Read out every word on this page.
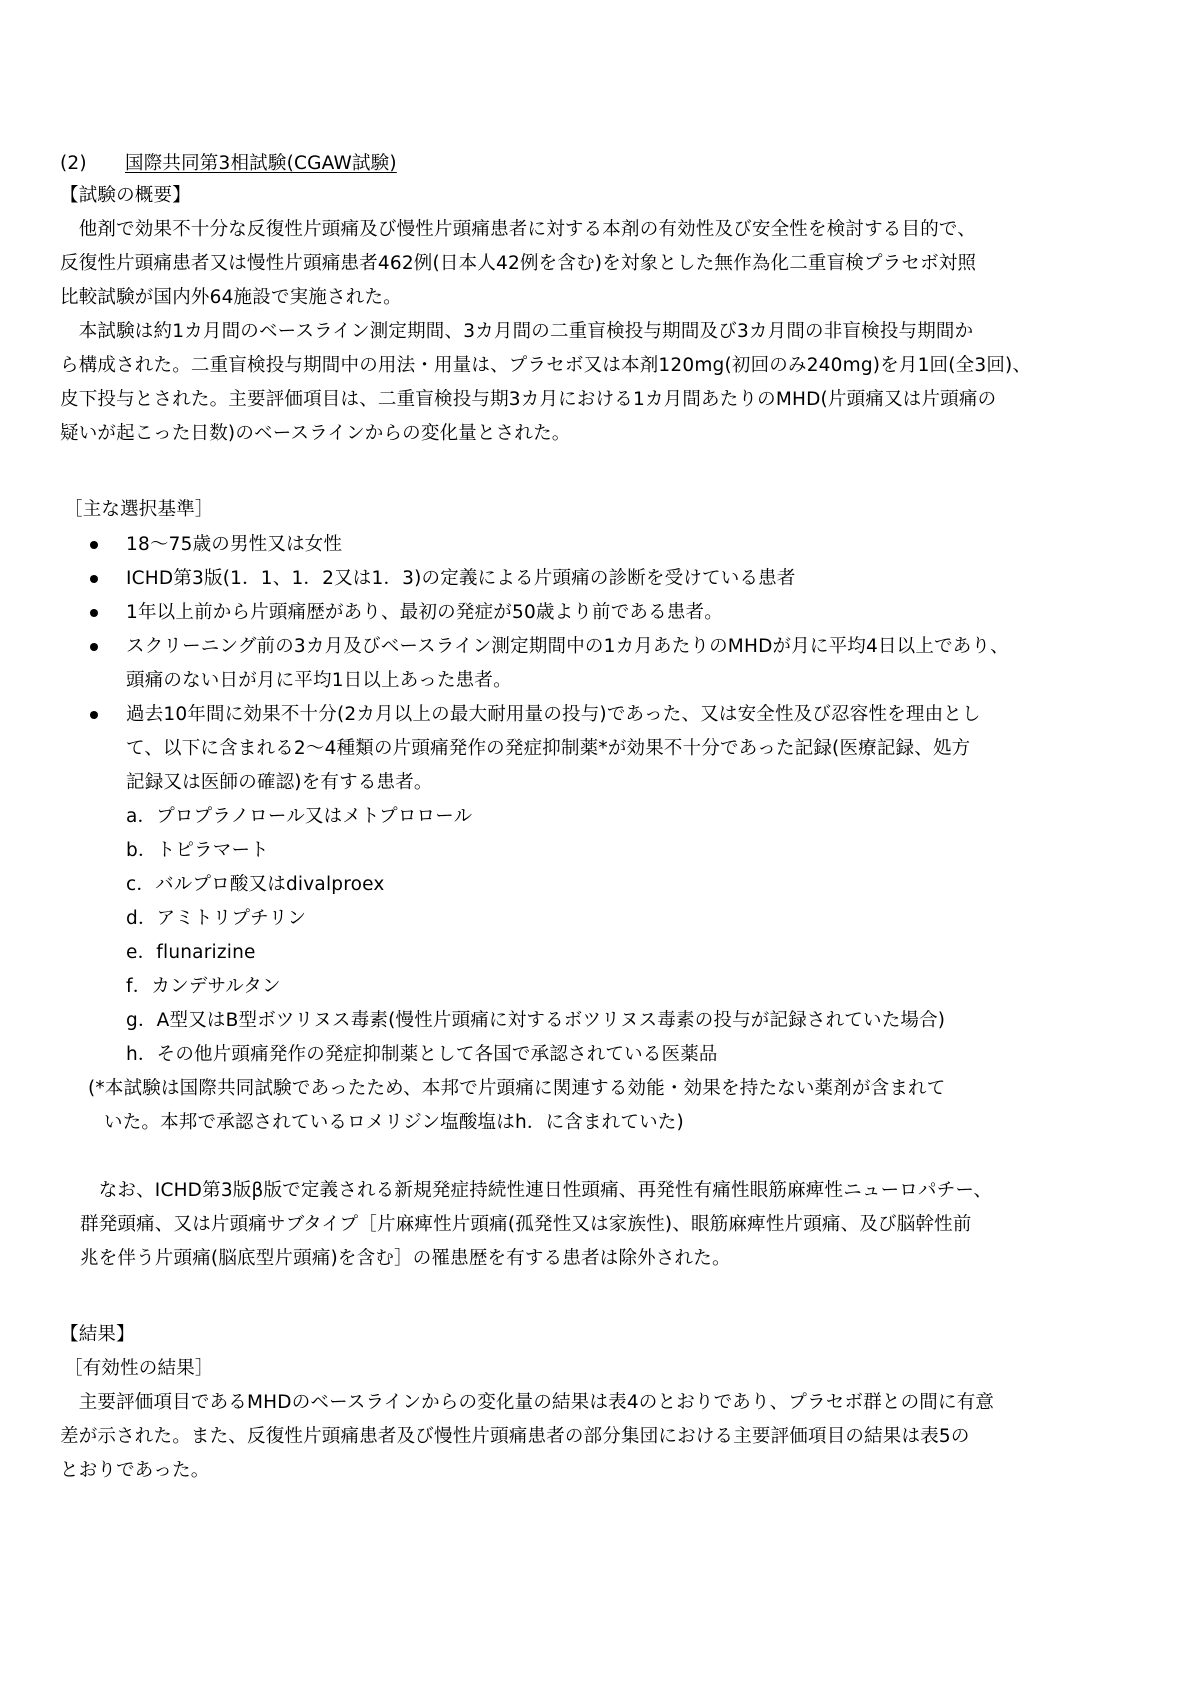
(2) 国際共同第3相試験(CGAW試験)
【試験の概要】
　他剤で効果不十分な反復性片頭痛及び慢性片頭痛患者に対する本剤の有効性及び安全性を検討する目的で、
反復性片頭痛患者又は慢性片頭痛患者462例(日本人42例を含む)を対象とした無作為化二重盲検プラセボ対照
比較試験が国内外64施設で実施された。
　本試験は約1カ月間のベースライン測定期間、3カ月間の二重盲検投与期間及び3カ月間の非盲検投与期間か
ら構成された。二重盲検投与期間中の用法・用量は、プラセボ又は本剤120mg(初回のみ240mg)を月1回(全3回)、
皮下投与とされた。主要評価項目は、二重盲検投与期3カ月における1カ月間あたりのMHD(片頭痛又は片頭痛の
疑いが起こった日数)のベースラインからの変化量とされた。
［主な選択基準］
18～75歳の男性又は女性
ICHD第3版(1．1、1．2又は1．3)の定義による片頭痛の診断を受けている患者
1年以上前から片頭痛歴があり、最初の発症が50歳より前である患者。
スクリーニング前の3カ月及びベースライン測定期間中の1カ月あたりのMHDが月に平均4日以上であり、
頭痛のない日が月に平均1日以上あった患者。
過去10年間に効果不十分(2カ月以上の最大耐用量の投与)であった、又は安全性及び忍容性を理由とし
て、以下に含まれる2～4種類の片頭痛発作の発症抑制薬*が効果不十分であった記録(医療記録、処方
記録又は医師の確認)を有する患者。
a．プロプラノロール又はメトプロロール
b．トピラマート
c．バルプロ酸又はdivalproex
d．アミトリプチリン
e．flunarizine
f．カンデサルタン
g．A型又はB型ボツリヌス毒素(慢性片頭痛に対するボツリヌス毒素の投与が記録されていた場合)
h．その他片頭痛発作の発症抑制薬として各国で承認されている医薬品
(*本試験は国際共同試験であったため、本邦で片頭痛に関連する効能・効果を持たない薬剤が含まれて
いた。本邦で承認されているロメリジン塩酸塩はh．に含まれていた)
　なお、ICHD第3版β版で定義される新規発症持続性連日性頭痛、再発性有痛性眼筋麻痺性ニューロパチー、
群発頭痛、又は片頭痛サブタイプ［片麻痺性片頭痛(孤発性又は家族性)、眼筋麻痺性片頭痛、及び脳幹性前
兆を伴う片頭痛(脳底型片頭痛)を含む］の罹患歴を有する患者は除外された。
【結果】
［有効性の結果］
　主要評価項目であるMHDのベースラインからの変化量の結果は表4のとおりであり、プラセボ群との間に有意
差が示された。また、反復性片頭痛患者及び慢性片頭痛患者の部分集団における主要評価項目の結果は表5の
とおりであった。
